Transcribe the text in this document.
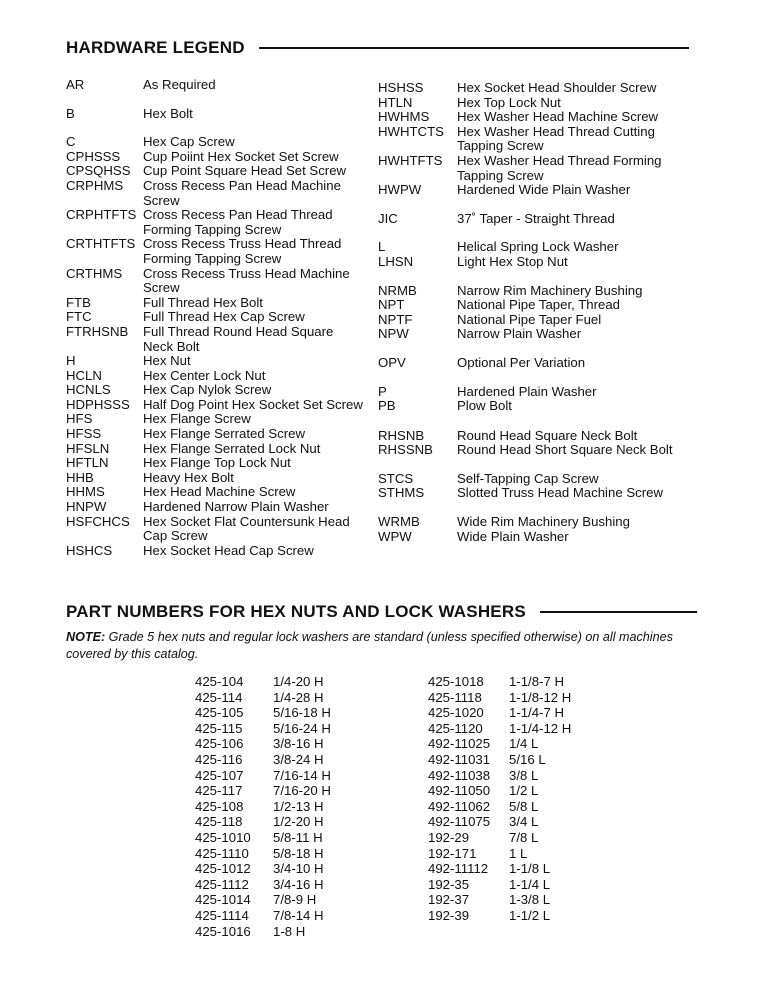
HARDWARE LEGEND
AR	As Required
B	Hex Bolt
C	Hex Cap Screw
CPHSSS	Cup Poiint Hex Socket Set Screw
CPSQHSS Cup Point Square Head Set Screw
CRPHMS	Cross Recess Pan Head Machine Screw
CRPHTFTS Cross Recess Pan Head Thread Forming Tapping Screw
CRTHTFTS Cross Recess Truss Head Thread Forming Tapping Screw
CRTHMS	Cross Recess Truss Head Machine Screw
FTB	Full Thread Hex Bolt
FTC	Full Thread Hex Cap Screw
FTRHSNB	Full Thread Round Head Square Neck Bolt
H	Hex Nut
HCLN	Hex Center Lock Nut
HCNLS	Hex Cap Nylok Screw
HDPHSSS	Half Dog Point Hex Socket Set Screw
HFS	Hex Flange Screw
HFSS	Hex Flange Serrated Screw
HFSLN	Hex Flange Serrated Lock Nut
HFTLN	Hex Flange Top Lock Nut
HHB	Heavy Hex Bolt
HHMS	Hex Head Machine Screw
HNPW	Hardened Narrow Plain Washer
HSFCHCS	Hex Socket Flat Countersunk Head Cap Screw
HSHCS	Hex Socket Head Cap Screw
HSHSS	Hex Socket Head Shoulder Screw
HTLN	Hex Top Lock Nut
HWHMS	Hex Washer Head Machine Screw
HWHTCTS Hex Washer Head Thread Cutting Tapping Screw
HWHTFTS	Hex Washer Head Thread Forming Tapping Screw
HWPW	Hardened Wide Plain Washer
JIC	37˚ Taper - Straight Thread
L	Helical Spring Lock Washer
LHSN	Light Hex Stop Nut
NRMB	Narrow Rim Machinery Bushing
NPT	National Pipe Taper, Thread
NPTF	National Pipe Taper Fuel
NPW	Narrow Plain Washer
OPV	Optional Per Variation
P	Hardened Plain Washer
PB	Plow Bolt
RHSNB	Round Head Square Neck Bolt
RHSSNB	Round Head Short Square Neck Bolt
STCS	Self-Tapping Cap Screw
STHMS	Slotted Truss Head Machine Screw
WRMB	Wide Rim Machinery Bushing
WPW	Wide Plain Washer
PART NUMBERS FOR HEX NUTS AND LOCK WASHERS
NOTE: Grade 5 hex nuts and regular lock washers are standard (unless specified otherwise) on all machines covered by this catalog.
425-104	1/4-20 H
425-114	1/4-28 H
425-105	5/16-18 H
425-115	5/16-24 H
425-106	3/8-16 H
425-116	3/8-24 H
425-107	7/16-14 H
425-117	7/16-20 H
425-108	1/2-13 H
425-118	1/2-20 H
425-1010	5/8-11 H
425-1110	5/8-18 H
425-1012	3/4-10 H
425-1112	3/4-16 H
425-1014	7/8-9 H
425-1114	7/8-14 H
425-1016	1-8 H
425-1018	1-1/8-7 H
425-1118	1-1/8-12 H
425-1020	1-1/4-7 H
425-1120	1-1/4-12 H
492-11025	1/4 L
492-11031	5/16 L
492-11038	3/8 L
492-11050	1/2 L
492-11062	5/8 L
492-11075	3/4 L
192-29	7/8 L
192-171	1 L
492-11112	1-1/8 L
192-35	1-1/4 L
192-37	1-3/8 L
192-39	1-1/2 L
